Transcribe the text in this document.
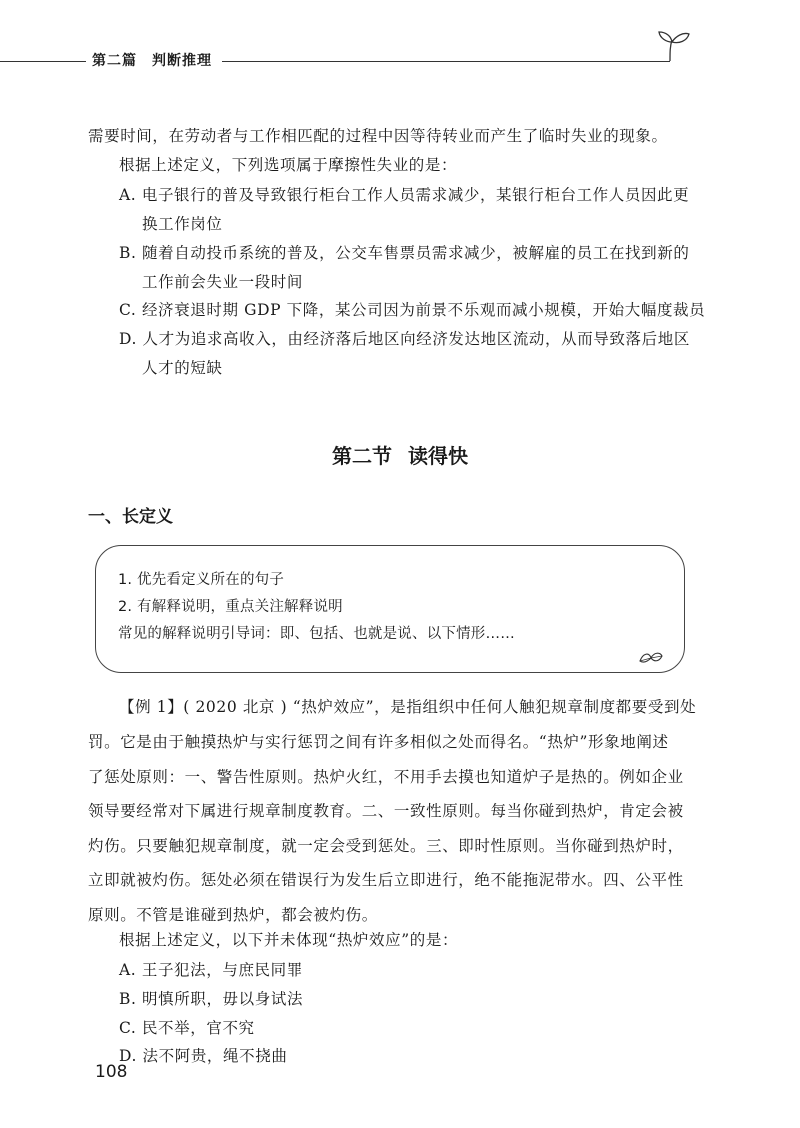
第二篇　判断推理
需要时间，在劳动者与工作相匹配的过程中因等待转业而产生了临时失业的现象。
根据上述定义，下列选项属于摩擦性失业的是：
A. 电子银行的普及导致银行柜台工作人员需求减少，某银行柜台工作人员因此更
换工作岗位
B. 随着自动投币系统的普及，公交车售票员需求减少，被解雇的员工在找到新的
工作前会失业一段时间
C. 经济衰退时期 GDP 下降，某公司因为前景不乐观而减小规模，开始大幅度裁员
D. 人才为追求高收入，由经济落后地区向经济发达地区流动，从而导致落后地区
人才的短缺
第二节 读得快
一、长定义
1. 优先看定义所在的句子
2. 有解释说明，重点关注解释说明
常见的解释说明引导词：即、包括、也就是说、以下情形……
【例 1】( 2020 北京 ) “热炉效应”，是指组织中任何人触犯规章制度都要受到处
罚。它是由于触摸热炉与实行惩罚之间有许多相似之处而得名。“热炉”形象地阐述
了惩处原则：一、警告性原则。热炉火红，不用手去摸也知道炉子是热的。例如企业
领导要经常对下属进行规章制度教育。二、一致性原则。每当你碰到热炉，肯定会被
灼伤。只要触犯规章制度，就一定会受到惩处。三、即时性原则。当你碰到热炉时，
立即就被灼伤。惩处必须在错误行为发生后立即进行，绝不能拖泥带水。四、公平性
原则。不管是谁碰到热炉，都会被灼伤。
根据上述定义，以下并未体现“热炉效应”的是：
A. 王子犯法，与庶民同罪
B. 明慎所职，毋以身试法
C. 民不举，官不究
D. 法不阿贵，绳不挠曲
108
